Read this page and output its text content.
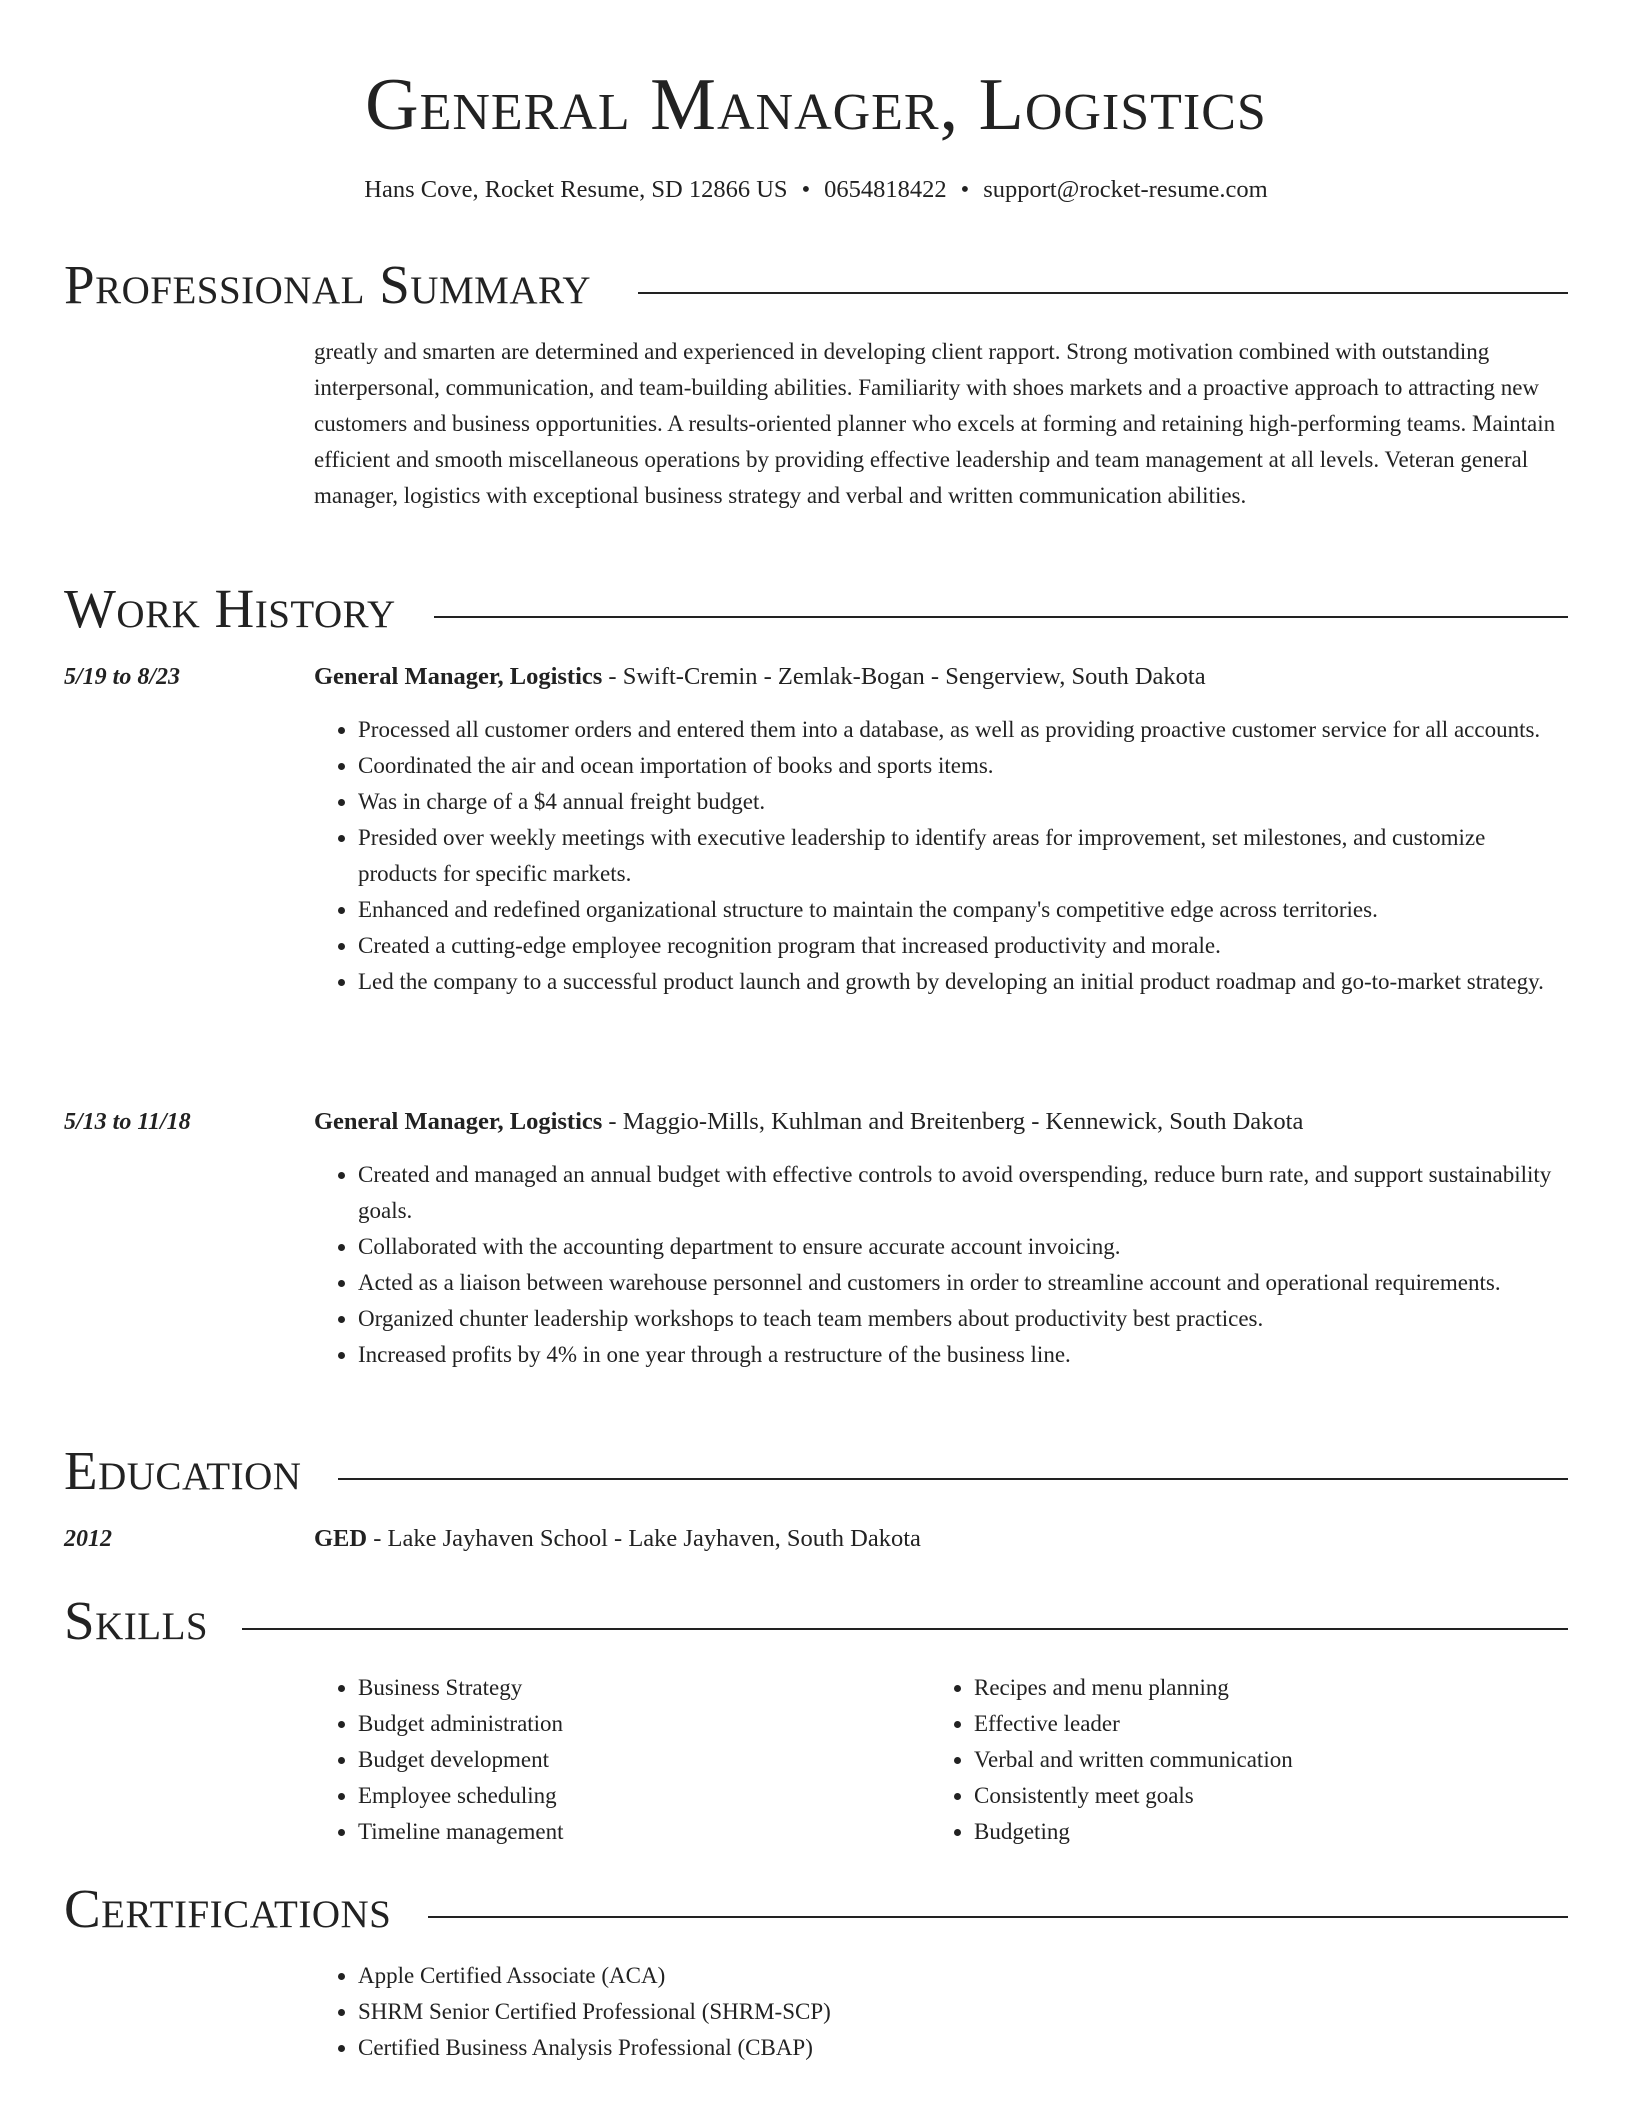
General Manager, Logistics
Hans Cove, Rocket Resume, SD 12866 US • 0654818422 • support@rocket-resume.com
Professional Summary
greatly and smarten are determined and experienced in developing client rapport. Strong motivation combined with outstanding interpersonal, communication, and team-building abilities. Familiarity with shoes markets and a proactive approach to attracting new customers and business opportunities. A results-oriented planner who excels at forming and retaining high-performing teams. Maintain efficient and smooth miscellaneous operations by providing effective leadership and team management at all levels. Veteran general manager, logistics with exceptional business strategy and verbal and written communication abilities.
Work History
5/19 to 8/23	General Manager, Logistics - Swift-Cremin - Zemlak-Bogan - Sengerview, South Dakota
• Processed all customer orders and entered them into a database, as well as providing proactive customer service for all accounts.
• Coordinated the air and ocean importation of books and sports items.
• Was in charge of a $4 annual freight budget.
• Presided over weekly meetings with executive leadership to identify areas for improvement, set milestones, and customize products for specific markets.
• Enhanced and redefined organizational structure to maintain the company's competitive edge across territories.
• Created a cutting-edge employee recognition program that increased productivity and morale.
• Led the company to a successful product launch and growth by developing an initial product roadmap and go-to-market strategy.
5/13 to 11/18	General Manager, Logistics - Maggio-Mills, Kuhlman and Breitenberg - Kennewick, South Dakota
• Created and managed an annual budget with effective controls to avoid overspending, reduce burn rate, and support sustainability goals.
• Collaborated with the accounting department to ensure accurate account invoicing.
• Acted as a liaison between warehouse personnel and customers in order to streamline account and operational requirements.
• Organized chunter leadership workshops to teach team members about productivity best practices.
• Increased profits by 4% in one year through a restructure of the business line.
Education
2012	GED - Lake Jayhaven School - Lake Jayhaven, South Dakota
Skills
• Business Strategy
• Budget administration
• Budget development
• Employee scheduling
• Timeline management
• Recipes and menu planning
• Effective leader
• Verbal and written communication
• Consistently meet goals
• Budgeting
Certifications
• Apple Certified Associate (ACA)
• SHRM Senior Certified Professional (SHRM-SCP)
• Certified Business Analysis Professional (CBAP)
